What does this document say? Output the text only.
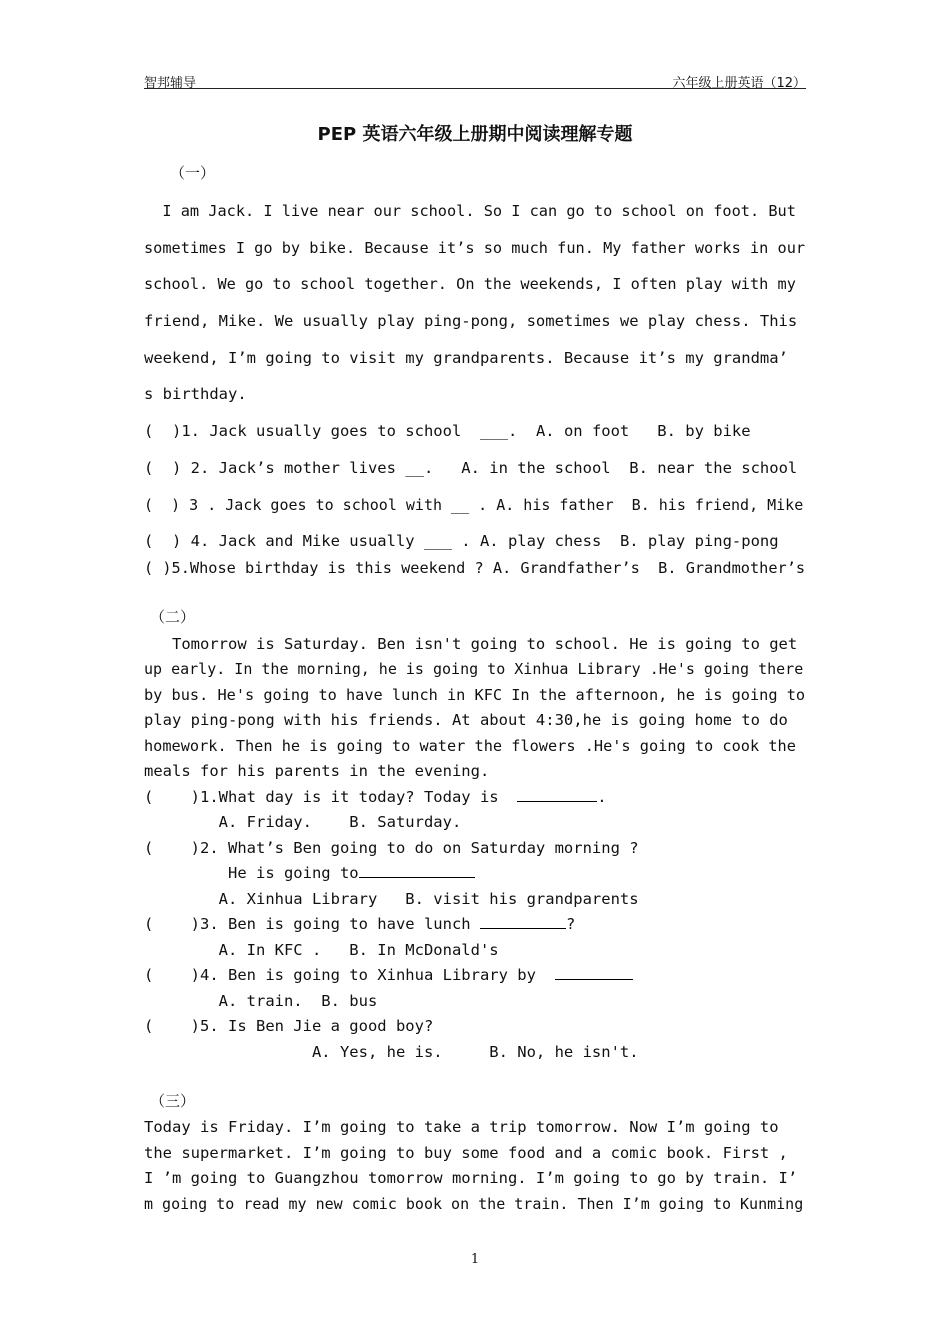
智邦辅导	六年级上册英语（12）
PEP 英语六年级上册期中阅读理解专题
（一）
I am Jack. I live near our school. So I can go to school on foot. But
sometimes I go by bike. Because it’s so much fun. My father works in our
school. We go to school together. On the weekends, I often play with my
friend, Mike. We usually play ping-pong, sometimes we play chess. This
weekend, I’m going to visit my grandparents. Because it’s my grandma’
s birthday.
(  )1. Jack usually goes to school  ___.  A. on foot   B. by bike
(  ) 2. Jack’s mother lives __.   A. in the school  B. near the school
(  ) 3 . Jack goes to school with __ . A. his father  B. his friend, Mike
(  ) 4. Jack and Mike usually ___ . A. play chess  B. play ping-pong
( )5.Whose birthday is this weekend ? A. Grandfather’s  B. Grandmother’s
（二）
Tomorrow is Saturday. Ben isn't going to school. He is going to get
up early. In the morning, he is going to Xinhua Library .He's going there
by bus. He's going to have lunch in KFC In the afternoon, he is going to
play ping-pong with his friends. At about 4:30,he is going home to do
homework. Then he is going to water the flowers .He's going to cook the
meals for his parents in the evening.
(    )1.What day is it today? Today is	.
A. Friday.    B. Saturday.
(    )2. What’s Ben going to do on Saturday morning ?
He is going to
A. Xinhua Library   B. visit his grandparents
(    )3. Ben is going to have lunch	?
A. In KFC .   B. In McDonald's
(    )4. Ben is going to Xinhua Library by
A. train.  B. bus
(    )5. Is Ben Jie a good boy?
A. Yes, he is.     B. No, he isn't.
（三）
Today is Friday. I’m going to take a trip tomorrow. Now I’m going to
the supermarket. I’m going to buy some food and a comic book. First ,
I ’m going to Guangzhou tomorrow morning. I’m going to go by train. I’
m going to read my new comic book on the train. Then I’m going to Kunming
1
